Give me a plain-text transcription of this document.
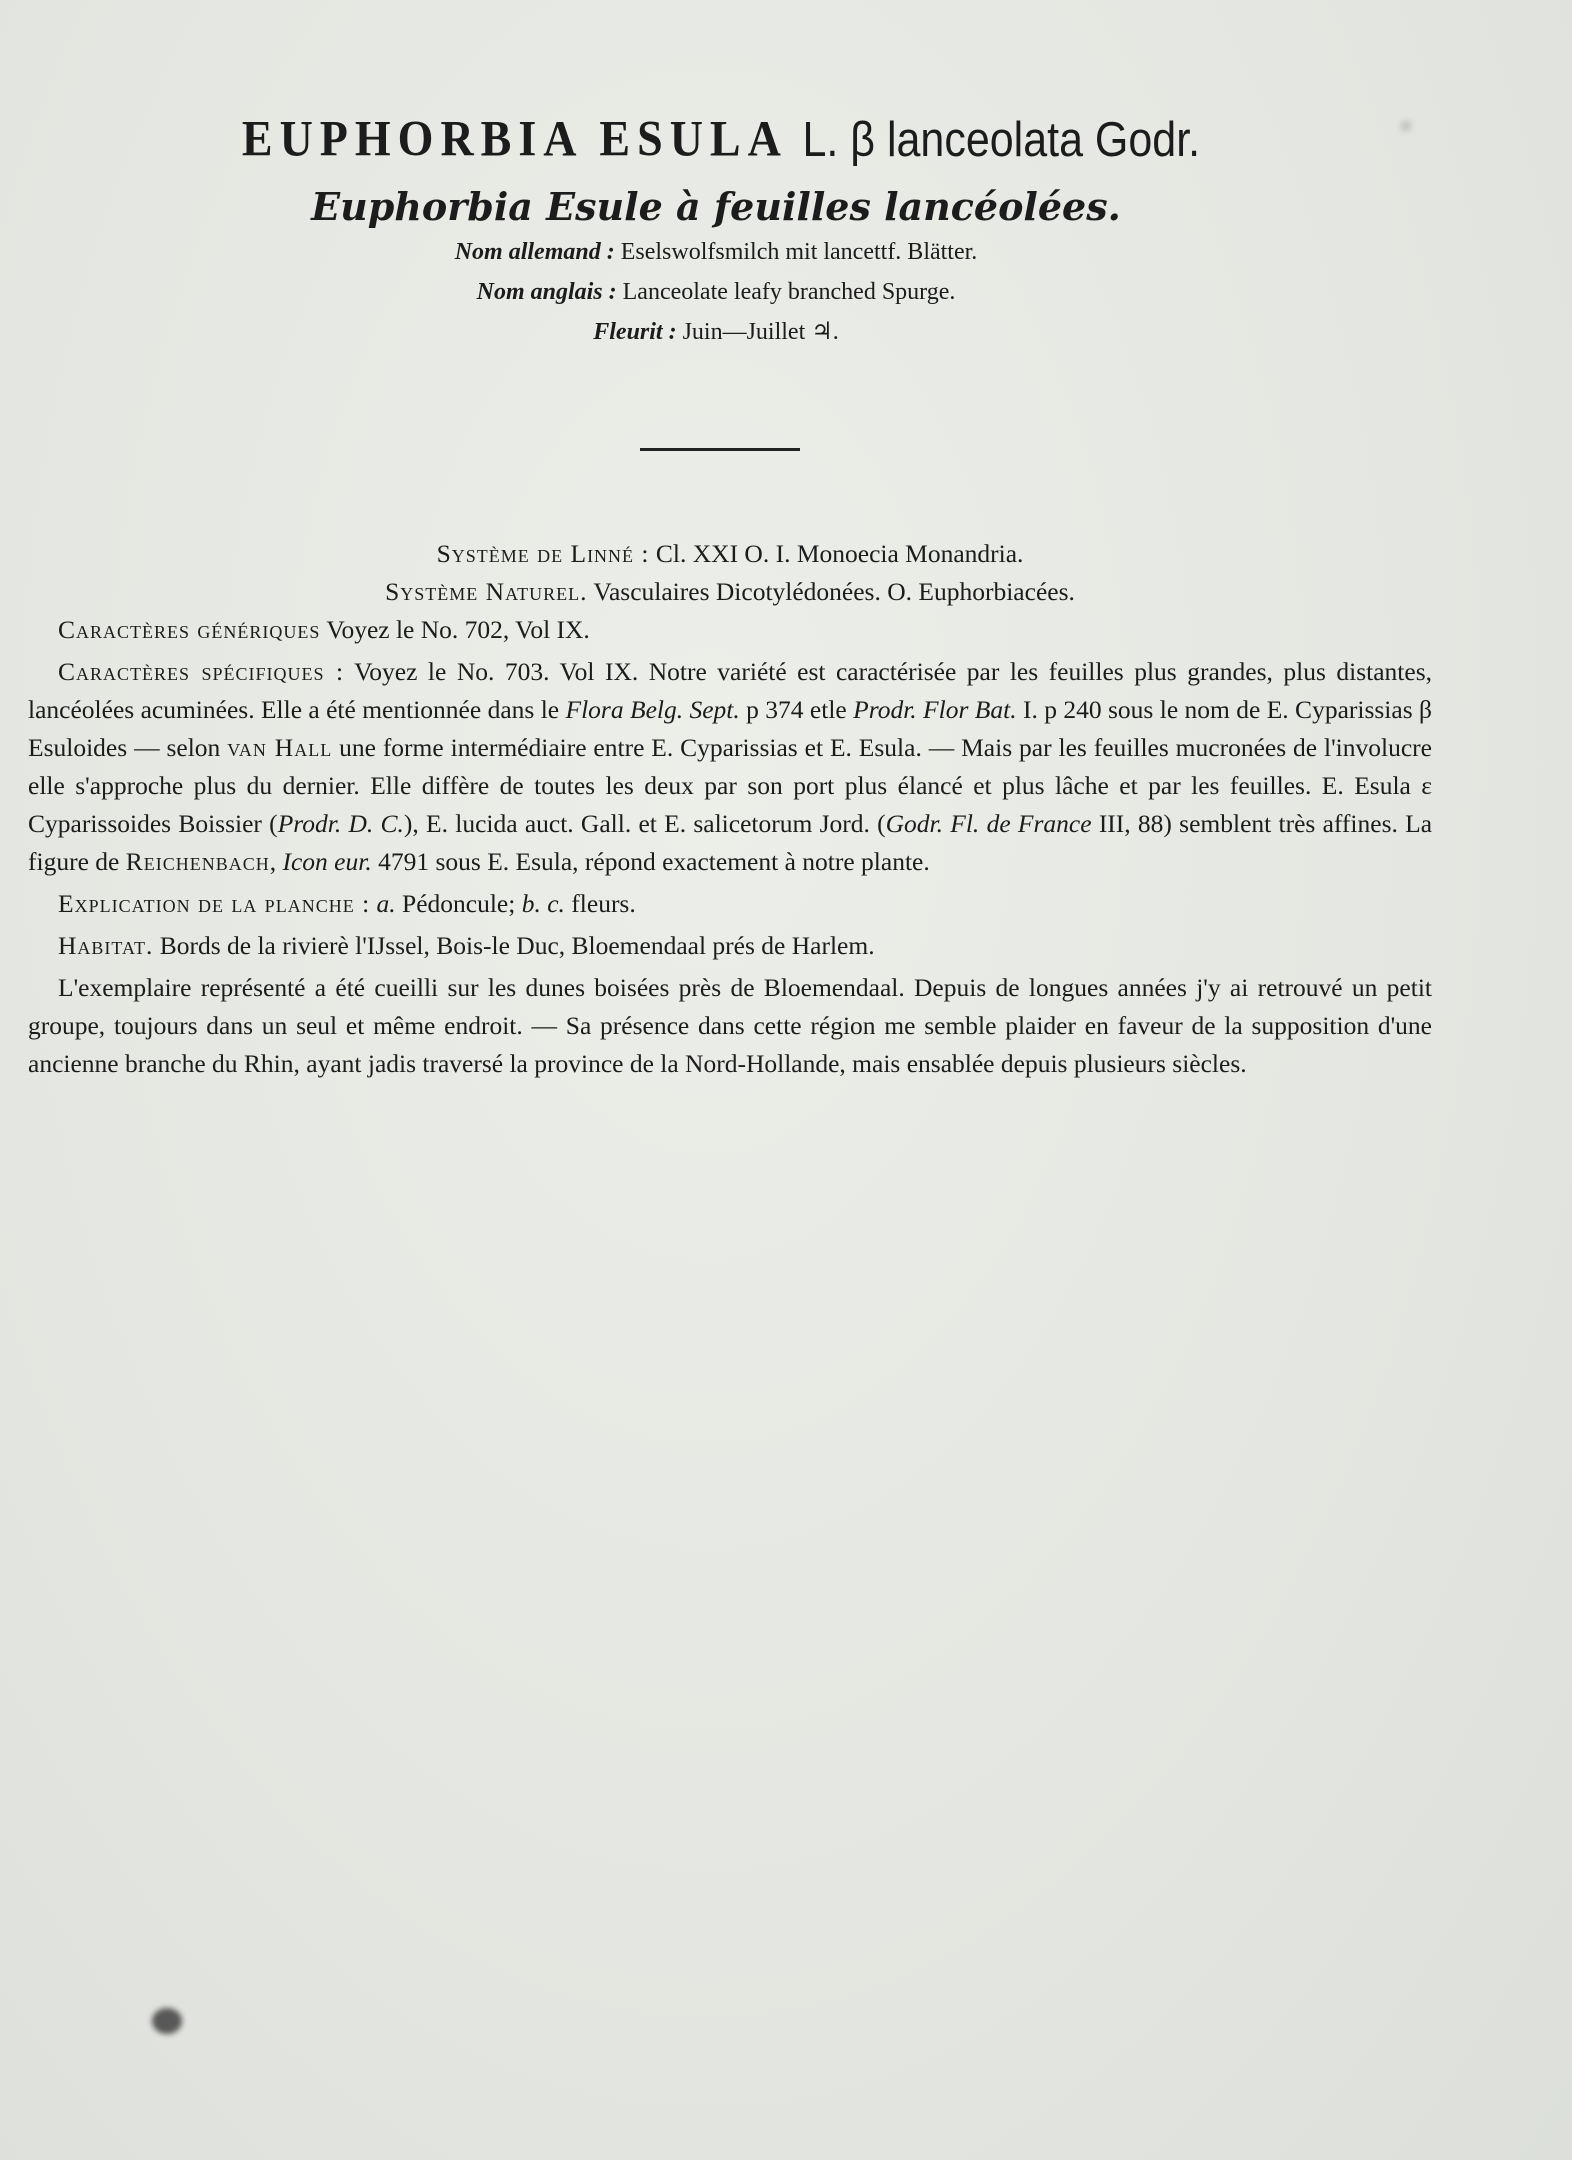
EUPHORBIA ESULA L. β lanceolata Godr.
Euphorbia Esule à feuilles lancéolées.
Nom allemand : Eselswolfsmilch mit lancettf. Blätter.
Nom anglais : Lanceolate leafy branched Spurge.
Fleurit : Juin—Juillet ♃.
Système de Linné : Cl. XXI O. I. Monoecia Monandria.
Système Naturel. Vasculaires Dicotylédonées. O. Euphorbiacées.

Caractères génériques Voyez le No. 702, Vol IX.

Caractères spécifiques : Voyez le No. 703. Vol IX. Notre variété est caractérisée par les feuilles plus grandes, plus distantes, lancéolées acuminées. Elle a été mentionnée dans le Flora Belg. Sept. p 374 etle Prodr. Flor Bat. I. p 240 sous le nom de E. Cyparissias β Esuloides — selon van Hall une forme intermédiaire entre E. Cyparissias et E. Esula. — Mais par les feuilles mucronées de l'involucre elle s'approche plus du dernier. Elle diffère de toutes les deux par son port plus élancé et plus lâche et par les feuilles. E. Esula ε Cyparissoides Boissier (Prodr. D. C.), E. lucida auct. Gall. et E. salicetorum Jord. (Godr. Fl. de France III, 88) semblent très affines. La figure de Reichenbach, Icon eur. 4791 sous E. Esula, répond exactement à notre plante.

Explication de la planche : a. Pédoncule; b. c. fleurs.

Habitat. Bords de la rivierè l'IJssel, Bois-le Duc, Bloemendaal prés de Harlem.

L'exemplaire représenté a été cueilli sur les dunes boisées près de Bloemendaal. Depuis de longues années j'y ai retrouvé un petit groupe, toujours dans un seul et même endroit. — Sa présence dans cette région me semble plaider en faveur de la supposition d'une ancienne branche du Rhin, ayant jadis traversé la province de la Nord-Hollande, mais ensablée depuis plusieurs siècles.
